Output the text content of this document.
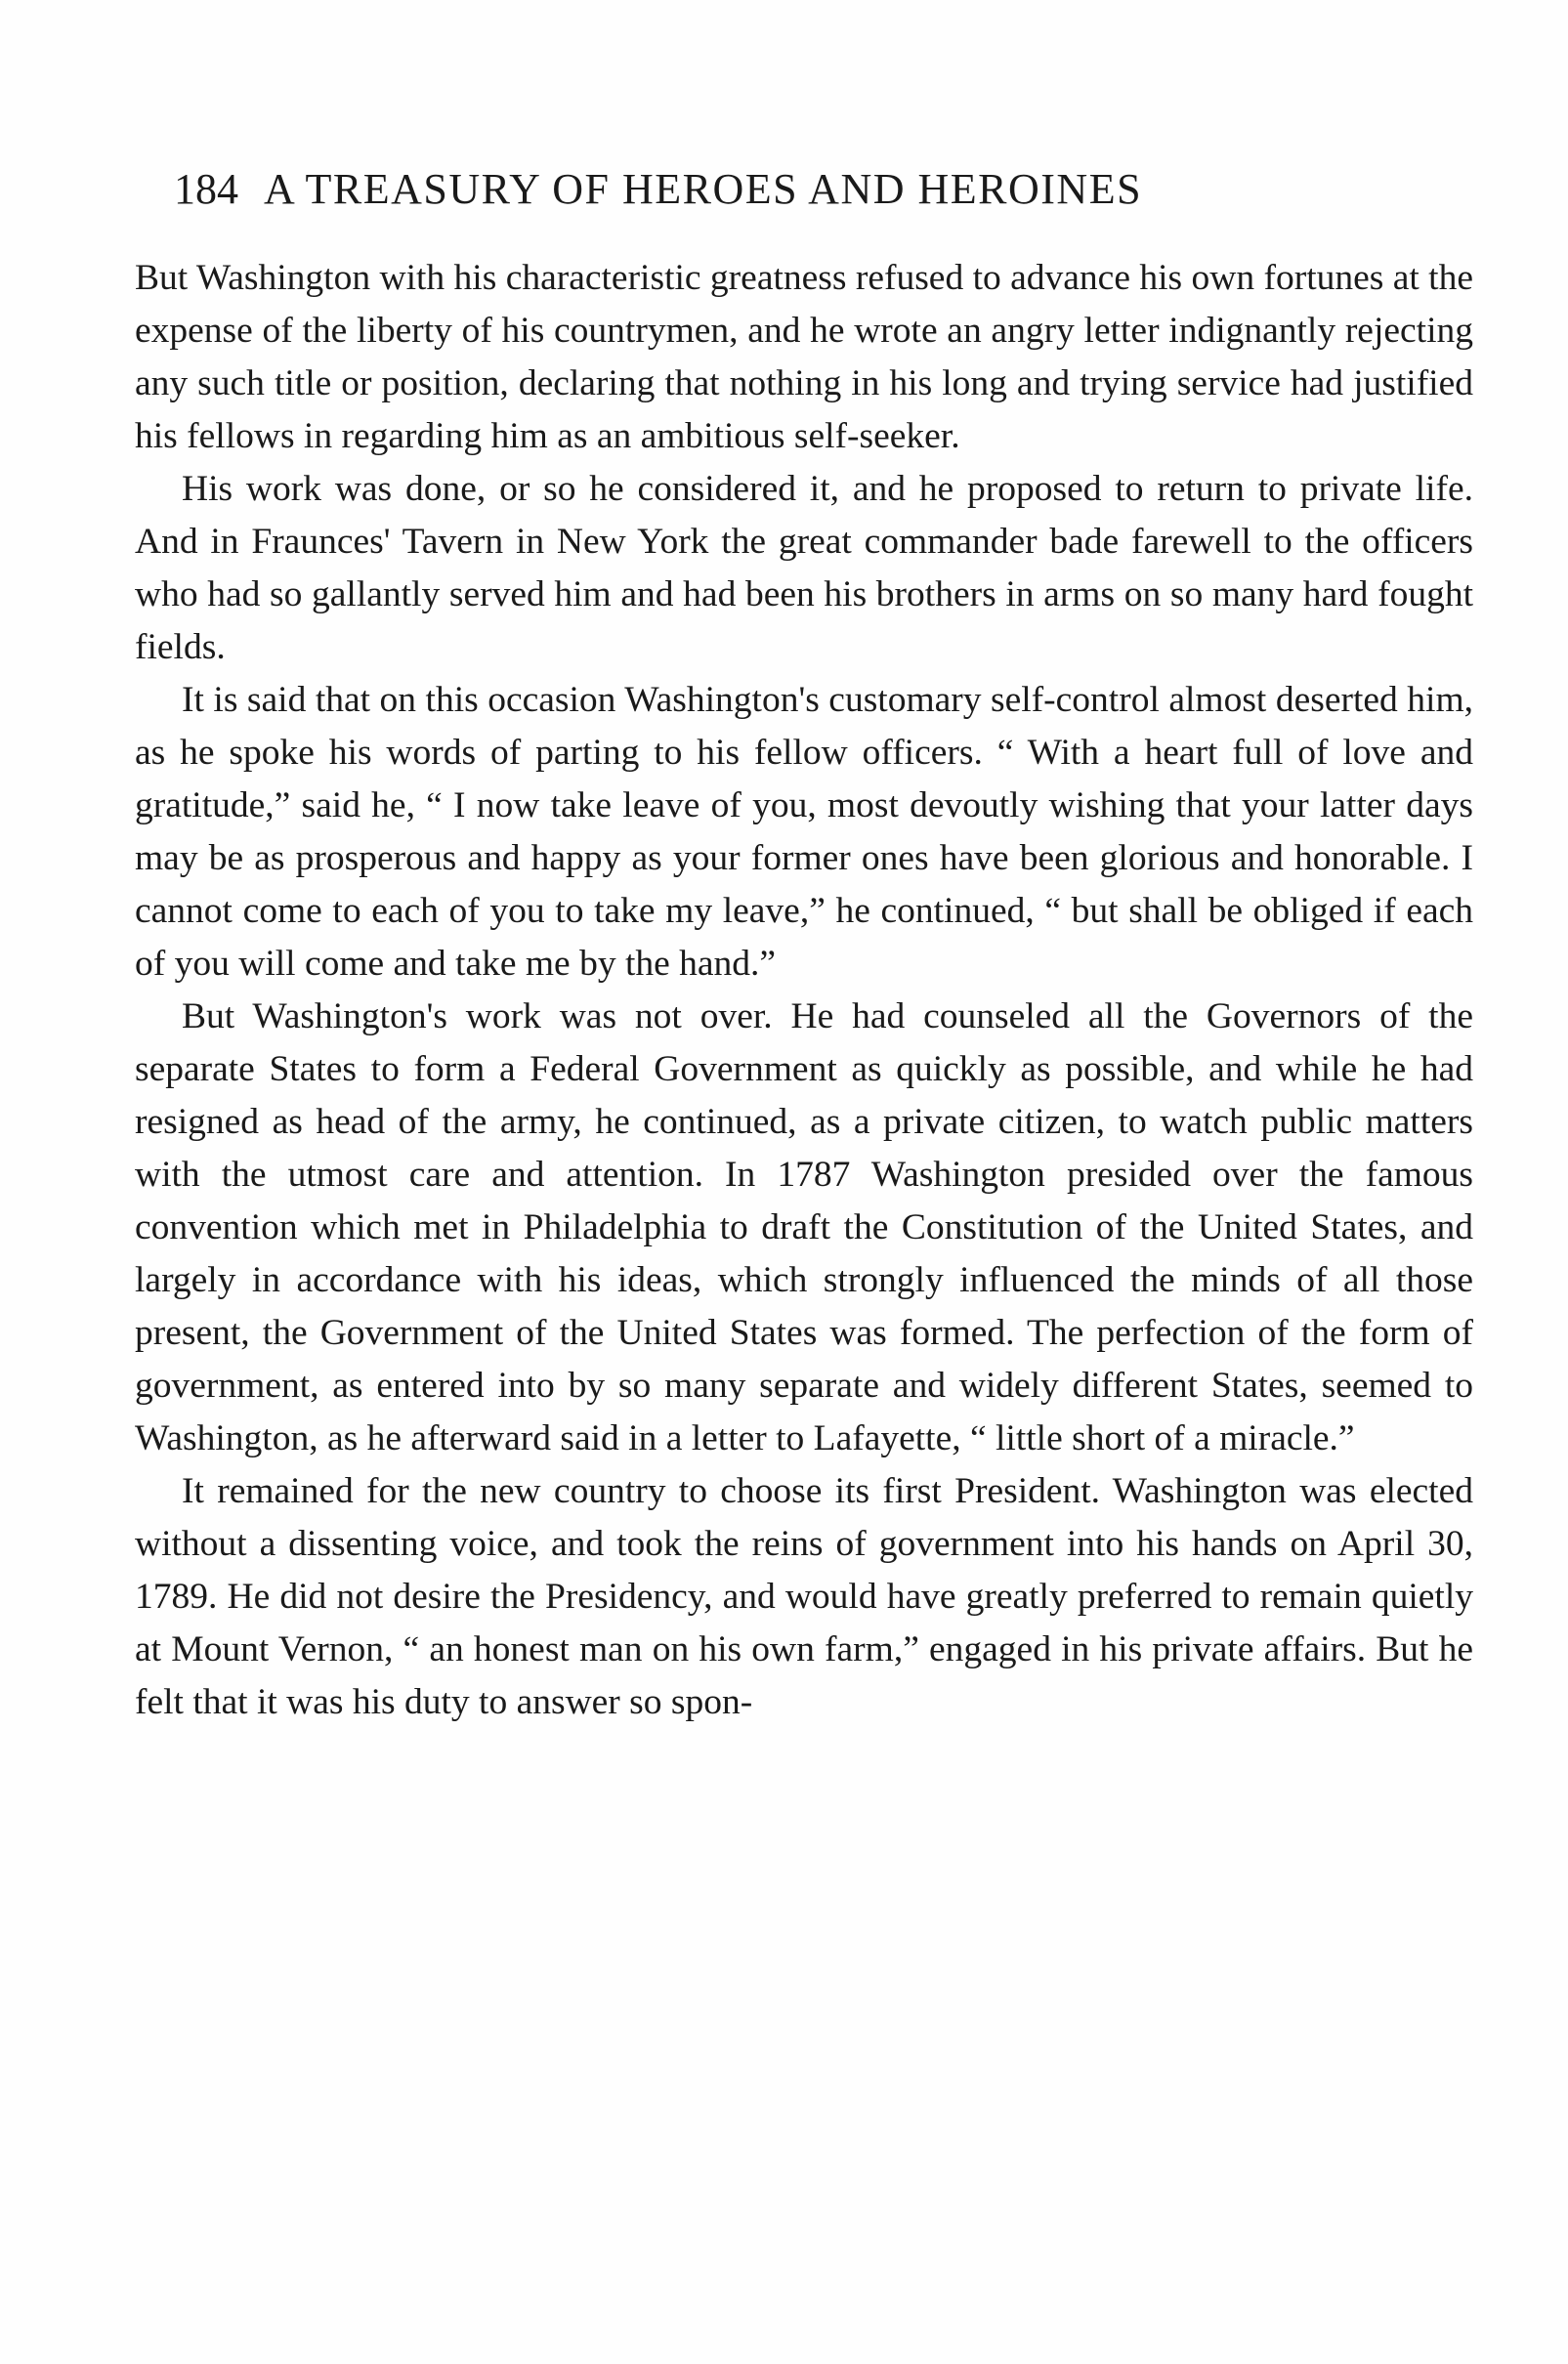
184 A TREASURY OF HEROES AND HEROINES

But Washington with his characteristic greatness refused to advance his own fortunes at the expense of the liberty of his countrymen, and he wrote an angry letter indignantly rejecting any such title or position, declaring that nothing in his long and trying service had justified his fellows in regarding him as an ambitious self-seeker.

His work was done, or so he considered it, and he proposed to return to private life. And in Fraunces' Tavern in New York the great commander bade farewell to the officers who had so gallantly served him and had been his brothers in arms on so many hard fought fields.

It is said that on this occasion Washington's customary self-control almost deserted him, as he spoke his words of parting to his fellow officers. “ With a heart full of love and gratitude,” said he, “ I now take leave of you, most devoutly wishing that your latter days may be as prosperous and happy as your former ones have been glorious and honorable. I cannot come to each of you to take my leave,” he continued, “ but shall be obliged if each of you will come and take me by the hand.”

But Washington's work was not over. He had counseled all the Governors of the separate States to form a Federal Government as quickly as possible, and while he had resigned as head of the army, he continued, as a private citizen, to watch public matters with the utmost care and attention. In 1787 Washington presided over the famous convention which met in Philadelphia to draft the Constitution of the United States, and largely in accordance with his ideas, which strongly influenced the minds of all those present, the Government of the United States was formed. The perfection of the form of government, as entered into by so many separate and widely different States, seemed to Washington, as he afterward said in a letter to Lafayette, “ little short of a miracle.”

It remained for the new country to choose its first President. Washington was elected without a dissenting voice, and took the reins of government into his hands on April 30, 1789. He did not desire the Presidency, and would have greatly preferred to remain quietly at Mount Vernon, “ an honest man on his own farm,” engaged in his private affairs. But he felt that it was his duty to answer so spon-
